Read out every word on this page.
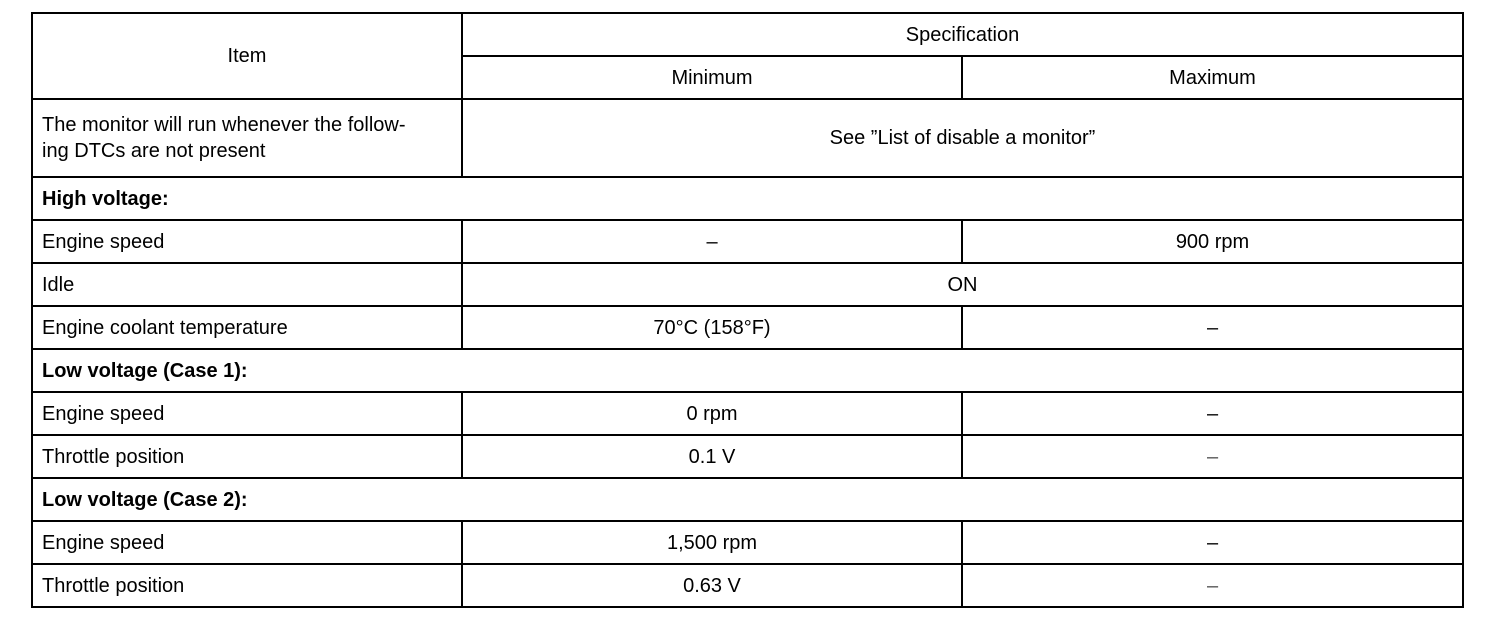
Item	Specification	
	Minimum	Maximum
The monitor will run whenever the follow-
ing DTCs are not present	See ”List of disable a monitor”	
High voltage:		
Engine speed	–	900 rpm
Idle	ON	
Engine coolant temperature	70°C (158°F)	–
Low voltage (Case 1):		
Engine speed	0 rpm	–
Throttle position	0.1 V	–
Low voltage (Case 2):		
Engine speed	1,500 rpm	–
Throttle position	0.63 V	–
